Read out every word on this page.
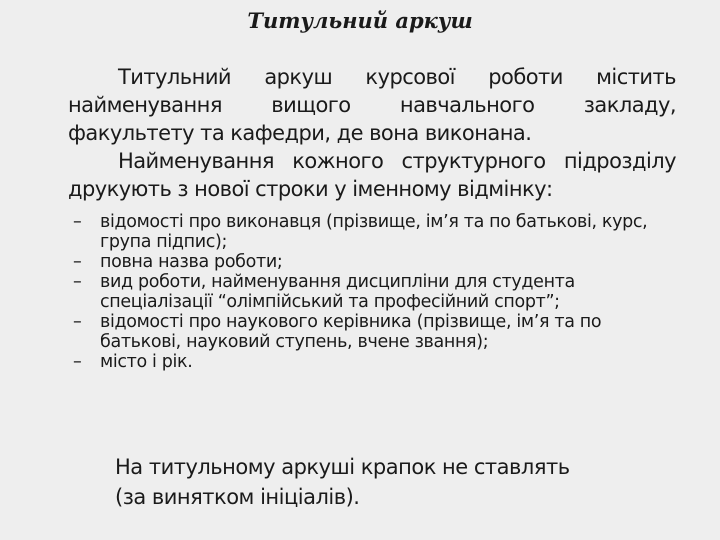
Титульний аркуш

Титульний аркуш курсової роботи містить найменування вищого навчального закладу, факультету та кафедри, де вона виконана.

Найменування кожного структурного підрозділу друкують з нової строки у іменному відмінку:

– відомості про виконавця (прізвище, ім’я та по батькові, курс, група підпис);
– повна назва роботи;
– вид роботи, найменування дисципліни для студента спеціалізації “олімпійський та професійний спорт”;
– відомості про наукового керівника (прізвище, ім’я та по батькові, науковий ступень, вчене звання);
– місто і рік.
На титульному аркуші крапок не ставлять
(за винятком ініціалів).
